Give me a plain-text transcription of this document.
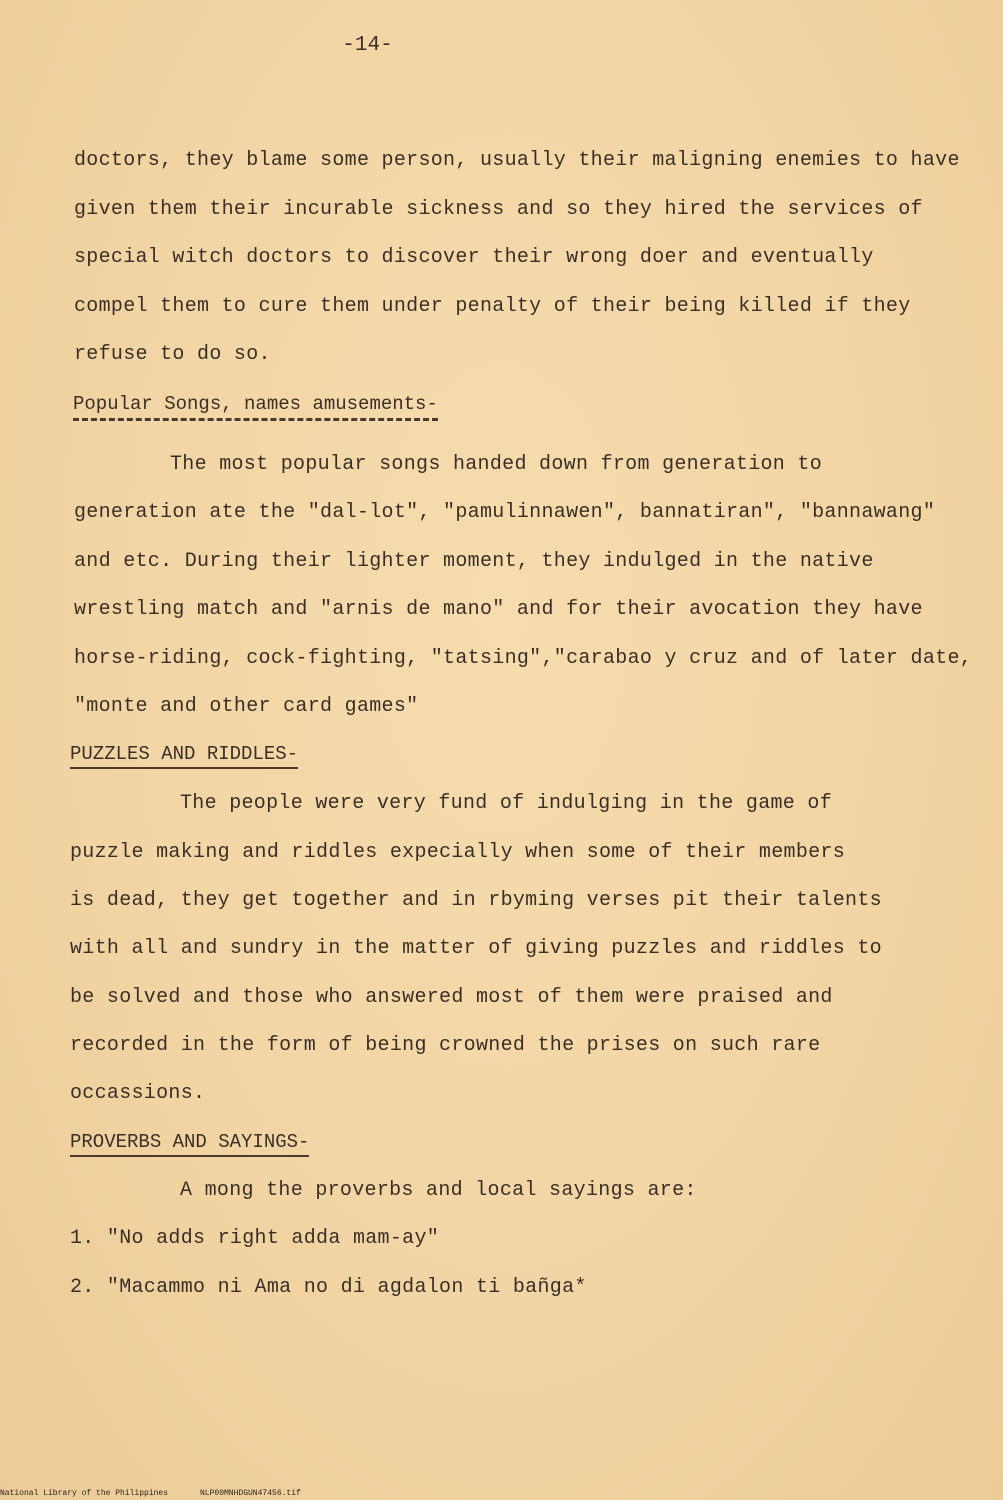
-14-
doctors, they blame some person, usually their maligning enemies to have
given them their incurable sickness and so they hired the services of
special witch doctors to discover their wrong doer and eventually
compel them to cure them under penalty of their being killed if they
refuse to do so.
Popular Songs, names amusements-
The most popular songs handed down from generation to
generation ate the "dal-lot", "pamulinnawen", bannatiran", "bannawang"
and etc. During their lighter moment, they indulged in the native
wrestling match and "arnis de mano" and for their avocation they have
horse-riding, cock-fighting, "tatsing","carabao y cruz and of later date,
"monte and other card games"
PUZZLES AND RIDDLES-
The people were very fund of indulging in the game of
puzzle making and riddles expecially when some of their members
is dead, they get together and in rbyming verses pit their talents
with all and sundry in the matter of giving puzzles and riddles to
be solved and those who answered most of them were praised and
recorded in the form of being crowned the prises on such rare
occassions.
PROVERBS AND SAYINGS-
A mong the proverbs and local sayings are:
1. "No adds right adda mam-ay"
2. "Macammo ni Ama no di agdalon ti bañga*
National Library of the Philippines	NLP00MNHDGUN47456.tif
